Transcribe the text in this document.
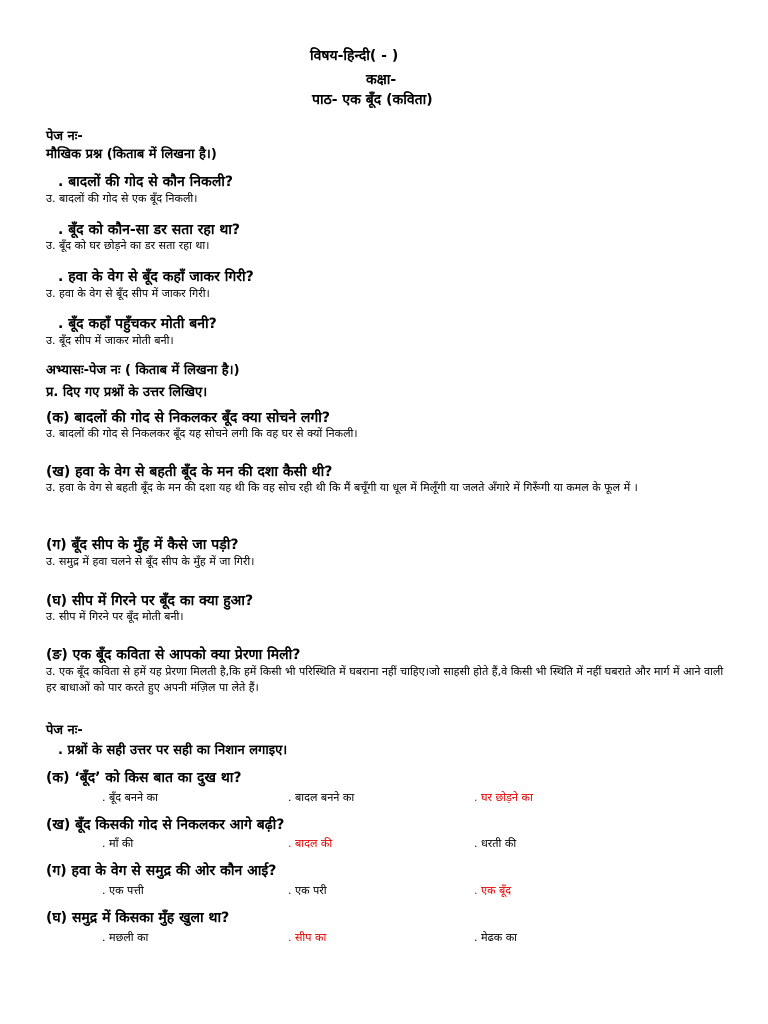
विषय-हिन्दी( - )
कक्षा-
पाठ- एक बूँद (कविता)
पेज नः-
मौखिक प्रश्न (किताब में लिखना है।)
. बादलों की गोद से कौन निकली?
उ. बादलों की गोद से एक बूँद निकली।
. बूँद को कौन-सा डर सता रहा था?
उ. बूँद को घर छोड़ने का डर सता रहा था।
. हवा के वेग से बूँद कहाँ जाकर गिरी?
उ. हवा के वेग से बूँद सीप में जाकर गिरी।
. बूँद कहाँ पहुँचकर मोती बनी?
उ. बूँद सीप में जाकर मोती बनी।
अभ्यासः-पेज नः ( किताब में लिखना है।)
प्र. दिए गए प्रश्नों के उत्तर लिखिए।
(क) बादलों की गोद से निकलकर बूँद क्या सोचने लगी?
उ. बादलों की गोद से निकलकर बूँद यह सोचने लगी कि वह घर से क्यों निकली।
(ख) हवा के वेग से बहती बूँद के मन की दशा कैसी थी?
उ. हवा के वेग से बहती बूँद के मन की दशा यह थी कि वह सोच रही थी कि मैं बचूँगी या धूल में मिलूँगी या जलते अँगारे में गिरूँगी या कमल के फूल में ।
(ग) बूँद सीप के मुँह में कैसे जा पड़ी?
उ. समुद्र में हवा चलने से बूँद सीप के मुँह में जा गिरी।
(घ) सीप में गिरने पर बूँद का क्या हुआ?
उ. सीप में गिरने पर बूँद मोती बनी।
(ङ) एक बूँद कविता से आपको क्या प्रेरणा मिली?
उ. एक बूँद कविता से हमें यह प्रेरणा मिलती है,कि हमें किसी भी परिस्थिति में घबराना नहीं चाहिए।जो साहसी होते हैं,वे किसी भी स्थिति में नहीं घबराते और मार्ग में आने वाली हर बाधाओं को पार करते हुए अपनी मंज़िल पा लेते हैं।
पेज नः-
. प्रश्नों के सही उत्तर पर सही का निशान लगाइए।
(क) ‘बूँद’ को किस बात का दुख था?
. बूँद बनने का	. बादल बनने का	. घर छोड़ने का
(ख) बूँद किसकी गोद से निकलकर आगे बढ़ी?
. माँ की	. बादल की	. धरती की
(ग) हवा के वेग से समुद्र की ओर कौन आई?
. एक पत्ती	. एक परी	. एक बूँद
(घ) समुद्र में किसका मुँह खुला था?
. मछली का	. सीप का	. मेढक का
